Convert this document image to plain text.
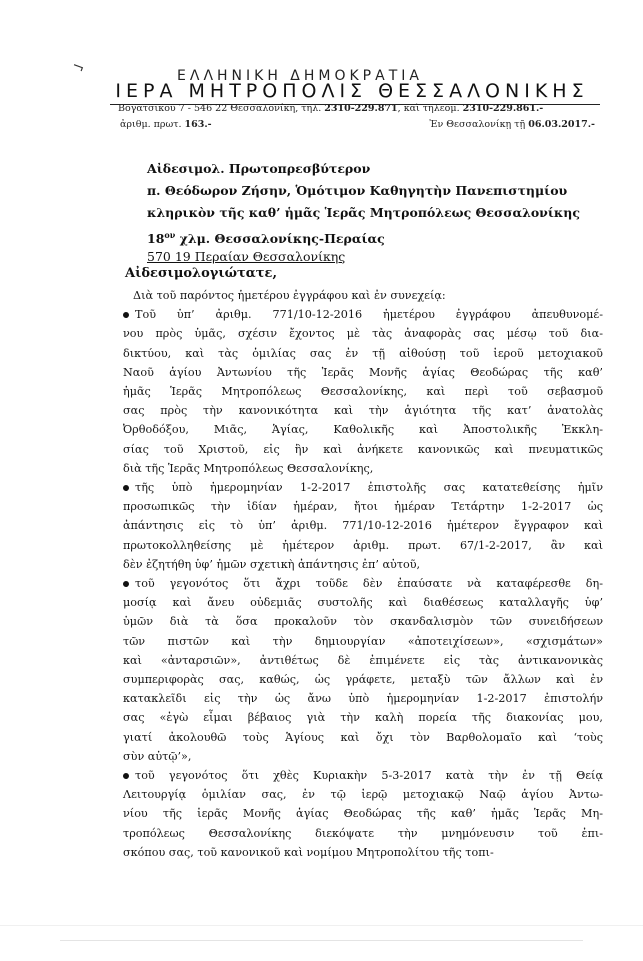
¬	ΕΛΛΗΝΙΚΗ ΔΗΜΟΚΡΑΤΙΑ
ΙΕΡΑ ΜΗΤΡΟΠΟΛΙΣ ΘΕΣΣΑΛΟΝΙΚΗΣ
Βογατσικοῦ 7 - 546 22 Θεσσαλονίκη, τηλ. 2310-229.871, καὶ τηλεομ. 2310-229.861.-
ἀριθμ. πρωτ. 163.-	Ἐν Θεσσαλονίκῃ τῇ 06.03.2017.-
Αἰδεσιμολ. Πρωτοπρεσβύτερον
π. Θεόδωρον Ζήσην, Ὁμότιμον Καθηγητὴν Πανεπιστημίου
κληρικὸν τῆς καθ’ ἡμᾶς Ἱερᾶς Μητροπόλεως Θεσσαλονίκης
$18^{o\nu}$ χλμ. Θεσσαλονίκης-Περαίας
570 19 Περαίαν Θεσσαλονίκης
Αἰδεσιμολογιώτατε,
Διὰ τοῦ παρόντος ἡμετέρου ἐγγράφου καὶ ἐν συνεχείᾳ:
Τοῦ ὑπ’ ἀριθμ. 771/10-12-2016 ἡμετέρου ἐγγράφου ἀπευθυνομέ-
νου πρὸς ὑμᾶς, σχέσιν ἔχοντος μὲ τὰς ἀναφορὰς σας μέσῳ τοῦ δια-
δικτύου, καὶ τὰς ὁμιλίας σας ἐν τῇ αἰθούσῃ τοῦ ἱεροῦ μετοχιακοῦ
Ναοῦ ἁγίου Ἀντωνίου τῆς Ἱερᾶς Μονῆς ἁγίας Θεοδώρας τῆς καθ’
ἡμᾶς Ἱερᾶς Μητροπόλεως Θεσσαλονίκης, καὶ περὶ τοῦ σεβασμοῦ
σας πρὸς τὴν κανονικότητα καὶ τὴν ἁγιότητα τῆς κατ’ ἀνατολὰς
Ὀρθοδόξου, Μιᾶς, Ἁγίας, Καθολικῆς καὶ Ἀποστολικῆς Ἐκκλη-
σίας τοῦ Χριστοῦ, εἰς ἣν καὶ ἀνήκετε κανονικῶς καὶ πνευματικῶς
διὰ τῆς Ἱερᾶς Μητροπόλεως Θεσσαλονίκης,
τῆς ὑπὸ ἡμερομηνίαν 1-2-2017 ἐπιστολῆς σας κατατεθείσης ἡμῖν
προσωπικῶς τὴν ἰδίαν ἡμέραν, ἤτοι ἡμέραν Τετάρτην 1-2-2017 ὡς
ἀπάντησις εἰς τὸ ὑπ’ ἀριθμ. 771/10-12-2016 ἡμέτερον ἔγγραφον καὶ
πρωτοκολληθείσης μὲ ἡμέτερον ἀριθμ. πρωτ. 67/1-2-2017, ἂν καὶ
δὲν ἐζητήθη ὑφ’ ἡμῶν σχετικὴ ἀπάντησις ἐπ’ αὐτοῦ,
τοῦ γεγονότος ὅτι ἄχρι τοῦδε δὲν ἐπαύσατε νὰ καταφέρεσθε δη-
μοσίᾳ καὶ ἄνευ οὐδεμιᾶς συστολῆς καὶ διαθέσεως καταλλαγῆς ὑφ’
ὑμῶν διὰ τὰ ὅσα προκαλοῦν τὸν σκανδαλισμὸν τῶν συνειδήσεων
τῶν πιστῶν καὶ τὴν δημιουργίαν «ἀποτειχίσεων», «σχισμάτων»
καὶ «ἀνταρσιῶν», ἀντιθέτως δὲ ἐπιμένετε εἰς τὰς ἀντικανονικὰς
συμπεριφορὰς σας, καθώς, ὡς γράφετε, μεταξὺ τῶν ἄλλων καὶ ἐν
κατακλεῖδι εἰς τὴν ὡς ἄνω ὑπὸ ἡμερομηνίαν 1-2-2017 ἐπιστολήν
σας «ἐγὼ εἶμαι βέβαιος γιὰ τὴν καλὴ πορεία τῆς διακονίας μου,
γιατί ἀκολουθῶ τοὺς Ἁγίους καὶ ὄχι τὸν Βαρθολομαῖο καὶ ‘τοὺς
σὺν αὐτῷ’»,
τοῦ γεγονότος ὅτι χθὲς Κυριακὴν 5-3-2017 κατὰ τὴν ἐν τῇ Θείᾳ
Λειτουργίᾳ ὁμιλίαν σας, ἐν τῷ ἱερῷ μετοχιακῷ Ναῷ ἁγίου Ἀντω-
νίου τῆς ἱερᾶς Μονῆς ἁγίας Θεοδώρας τῆς καθ’ ἡμᾶς Ἱερᾶς Μη-
τροπόλεως Θεσσαλονίκης διεκόψατε τὴν μνημόνευσιν τοῦ ἐπι-
σκόπου σας, τοῦ κανονικοῦ καὶ νομίμου Μητροπολίτου τῆς τοπι-
